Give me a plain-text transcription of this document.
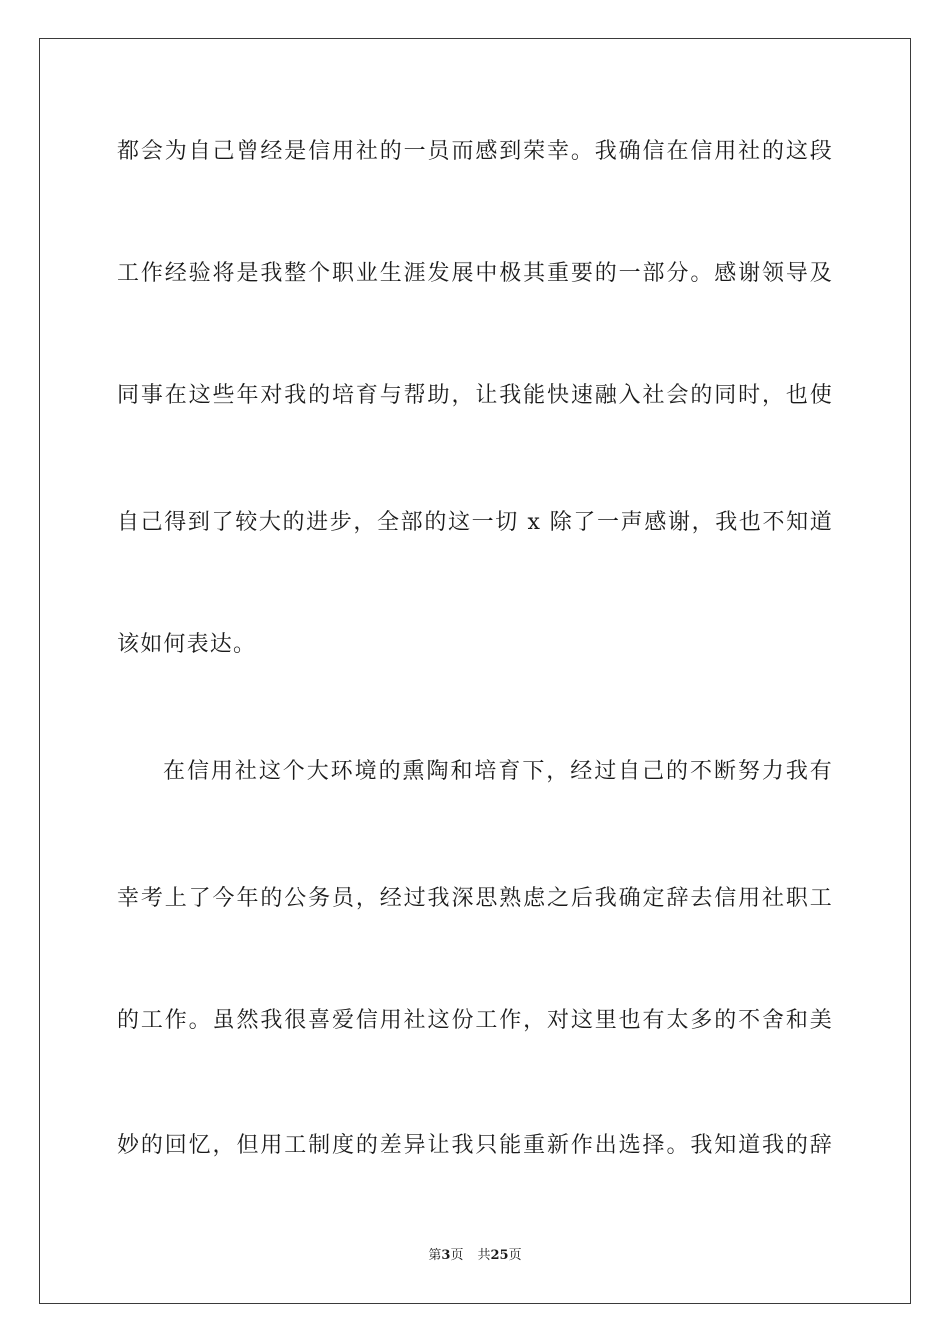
都会为自己曾经是信用社的一员而感到荣幸。我确信在信用社的这段
工作经验将是我整个职业生涯发展中极其重要的一部分。感谢领导及
同事在这些年对我的培育与帮助，让我能快速融入社会的同时，也使
自己得到了较大的进步，全部的这一切 x 除了一声感谢，我也不知道
该如何表达。
在信用社这个大环境的熏陶和培育下，经过自己的不断努力我有
幸考上了今年的公务员，经过我深思熟虑之后我确定辞去信用社职工
的工作。虽然我很喜爱信用社这份工作，对这里也有太多的不舍和美
妙的回忆，但用工制度的差异让我只能重新作出选择。我知道我的辞
第3页 共25页
